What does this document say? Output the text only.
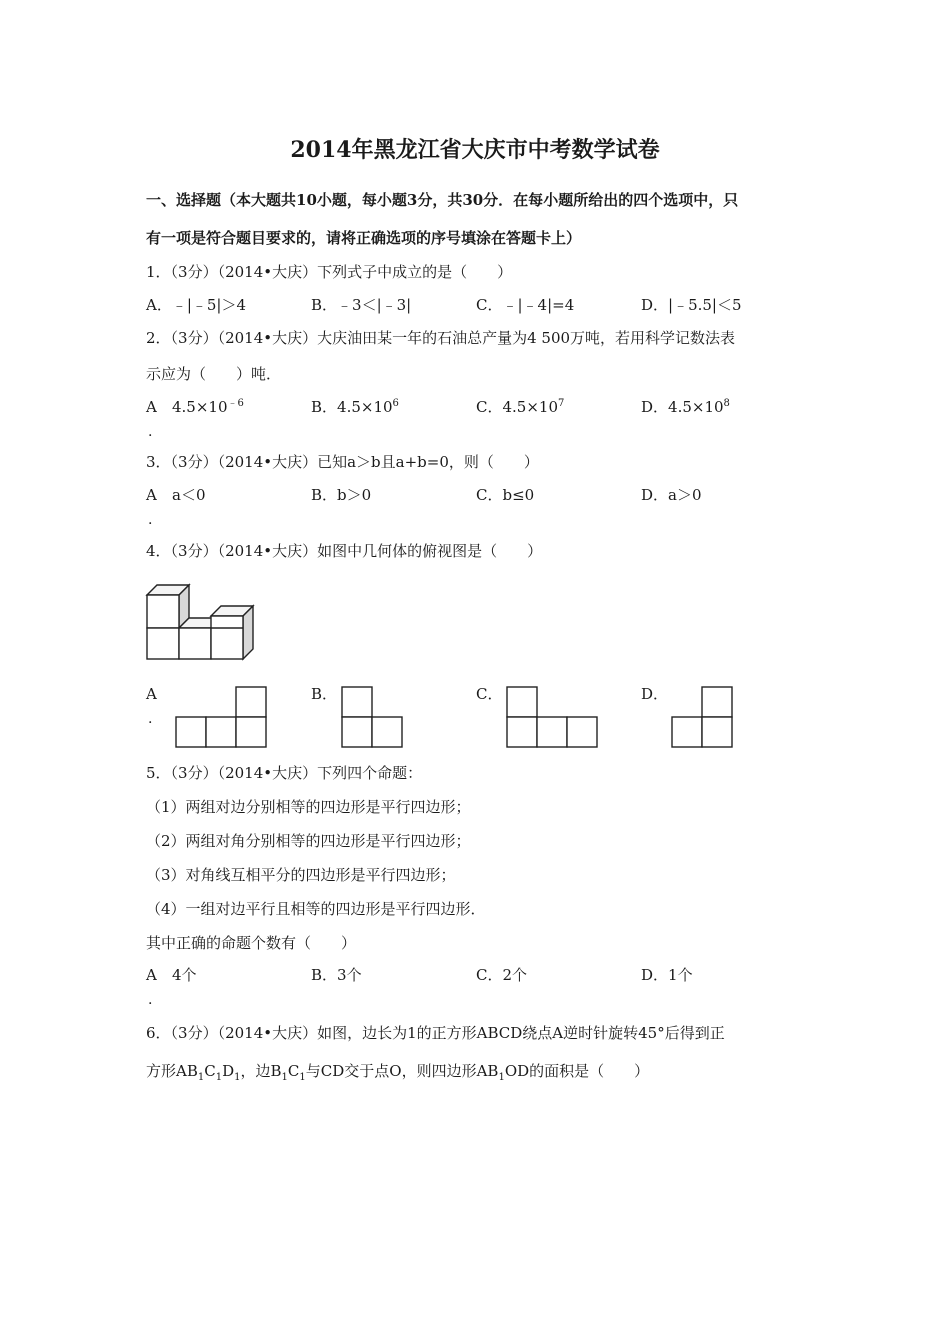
2014年黑龙江省大庆市中考数学试卷
一、选择题（本大题共10小题，每小题3分，共30分．在每小题所给出的四个选项中，只
有一项是符合题目要求的，请将正确选项的序号填涂在答题卡上）
1．（3分）（2014•大庆）下列式子中成立的是（　　）
A．﹣|﹣5|＞4	B．﹣3＜|﹣3|	C．﹣|﹣4|=4	D．|﹣5.5|＜5
2．（3分）（2014•大庆）大庆油田某一年的石油总产量为4 500万吨，若用科学记数法表
示应为（　　）吨．
A
.
$4.5\times 10^{﹣6}$	B．$4.5\times 10^6$	C．$4.5\times 10^7$	D．$4.5\times 10^8$
3．（3分）（2014•大庆）已知a＞b且a+b=0，则（　　）
A
.
a＜0	B．b＞0	C．b≤0	D．a＞0
4．（3分）（2014•大庆）如图中几何体的俯视图是（　　）
A
.
B．	C．	D．
5．（3分）（2014•大庆）下列四个命题：
（1）两组对边分别相等的四边形是平行四边形；
（2）两组对角分别相等的四边形是平行四边形；
（3）对角线互相平分的四边形是平行四边形；
（4）一组对边平行且相等的四边形是平行四边形．
其中正确的命题个数有（　　）
A
.
4个	B．3个	C．2个	D．1个
6．（3分）（2014•大庆）如图，边长为1的正方形ABCD绕点A逆时针旋转45°后得到正
方形$AB_1C_1D_1$，边$B_1C_1$与CD交于点O，则四边形$AB_1OD$的面积是（　　）
